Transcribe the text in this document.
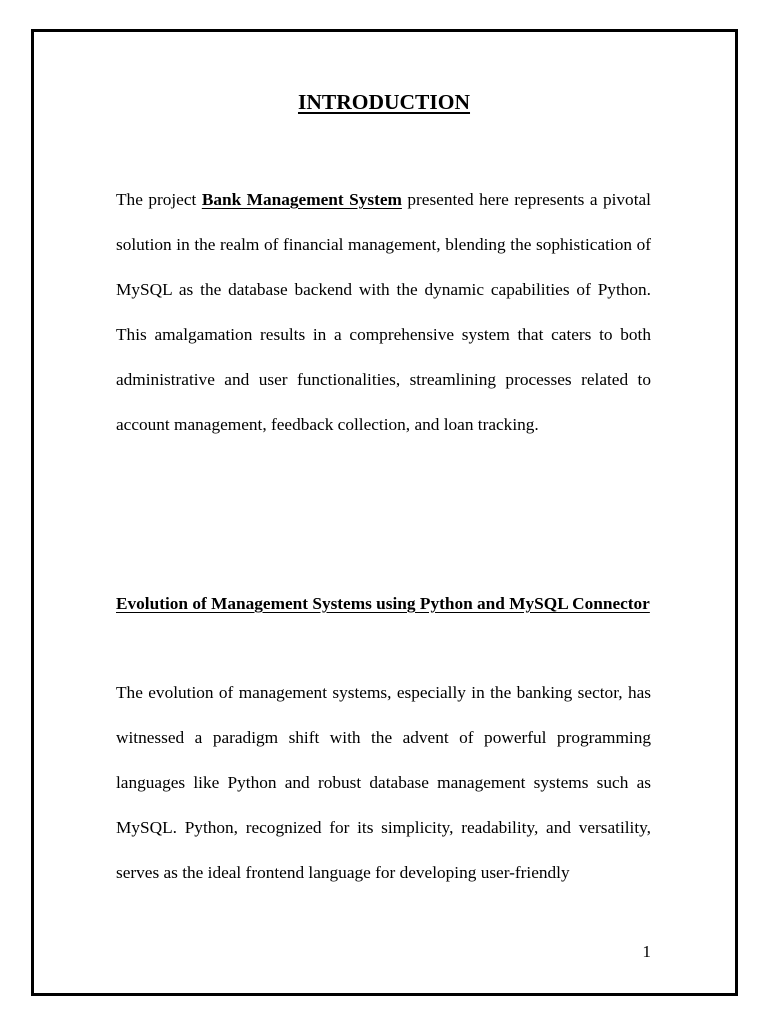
INTRODUCTION

The project Bank Management System presented here represents a pivotal solution in the realm of financial management, blending the sophistication of MySQL as the database backend with the dynamic capabilities of Python. This amalgamation results in a comprehensive system that caters to both administrative and user functionalities, streamlining processes related to account management, feedback collection, and loan tracking.

Evolution of Management Systems using Python and MySQL Connector

The evolution of management systems, especially in the banking sector, has witnessed a paradigm shift with the advent of powerful programming languages like Python and robust database management systems such as MySQL. Python, recognized for its simplicity, readability, and versatility, serves as the ideal frontend language for developing user-friendly

1
